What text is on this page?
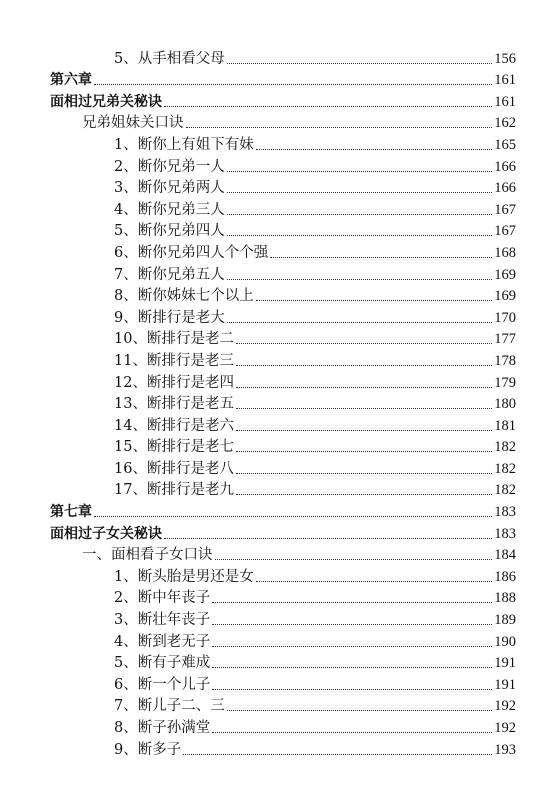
5、从手相看父母	156
第六章	161
面相过兄弟关秘诀	161
兄弟姐妹关口诀	162
1、断你上有姐下有妹	165
2、断你兄弟一人	166
3、断你兄弟两人	166
4、断你兄弟三人	167
5、断你兄弟四人	167
6、断你兄弟四人个个强	168
7、断你兄弟五人	169
8、断你姊妹七个以上	169
9、断排行是老大	170
10、断排行是老二	177
11、断排行是老三	178
12、断排行是老四	179
13、断排行是老五	180
14、断排行是老六	181
15、断排行是老七	182
16、断排行是老八	182
17、断排行是老九	182
第七章	183
面相过子女关秘诀	183
一、面相看子女口诀	184
1、断头胎是男还是女	186
2、断中年丧子	188
3、断壮年丧子	189
4、断到老无子	190
5、断有子难成	191
6、断一个儿子	191
7、断儿子二、三	192
8、断子孙满堂	192
9、断多子	193
